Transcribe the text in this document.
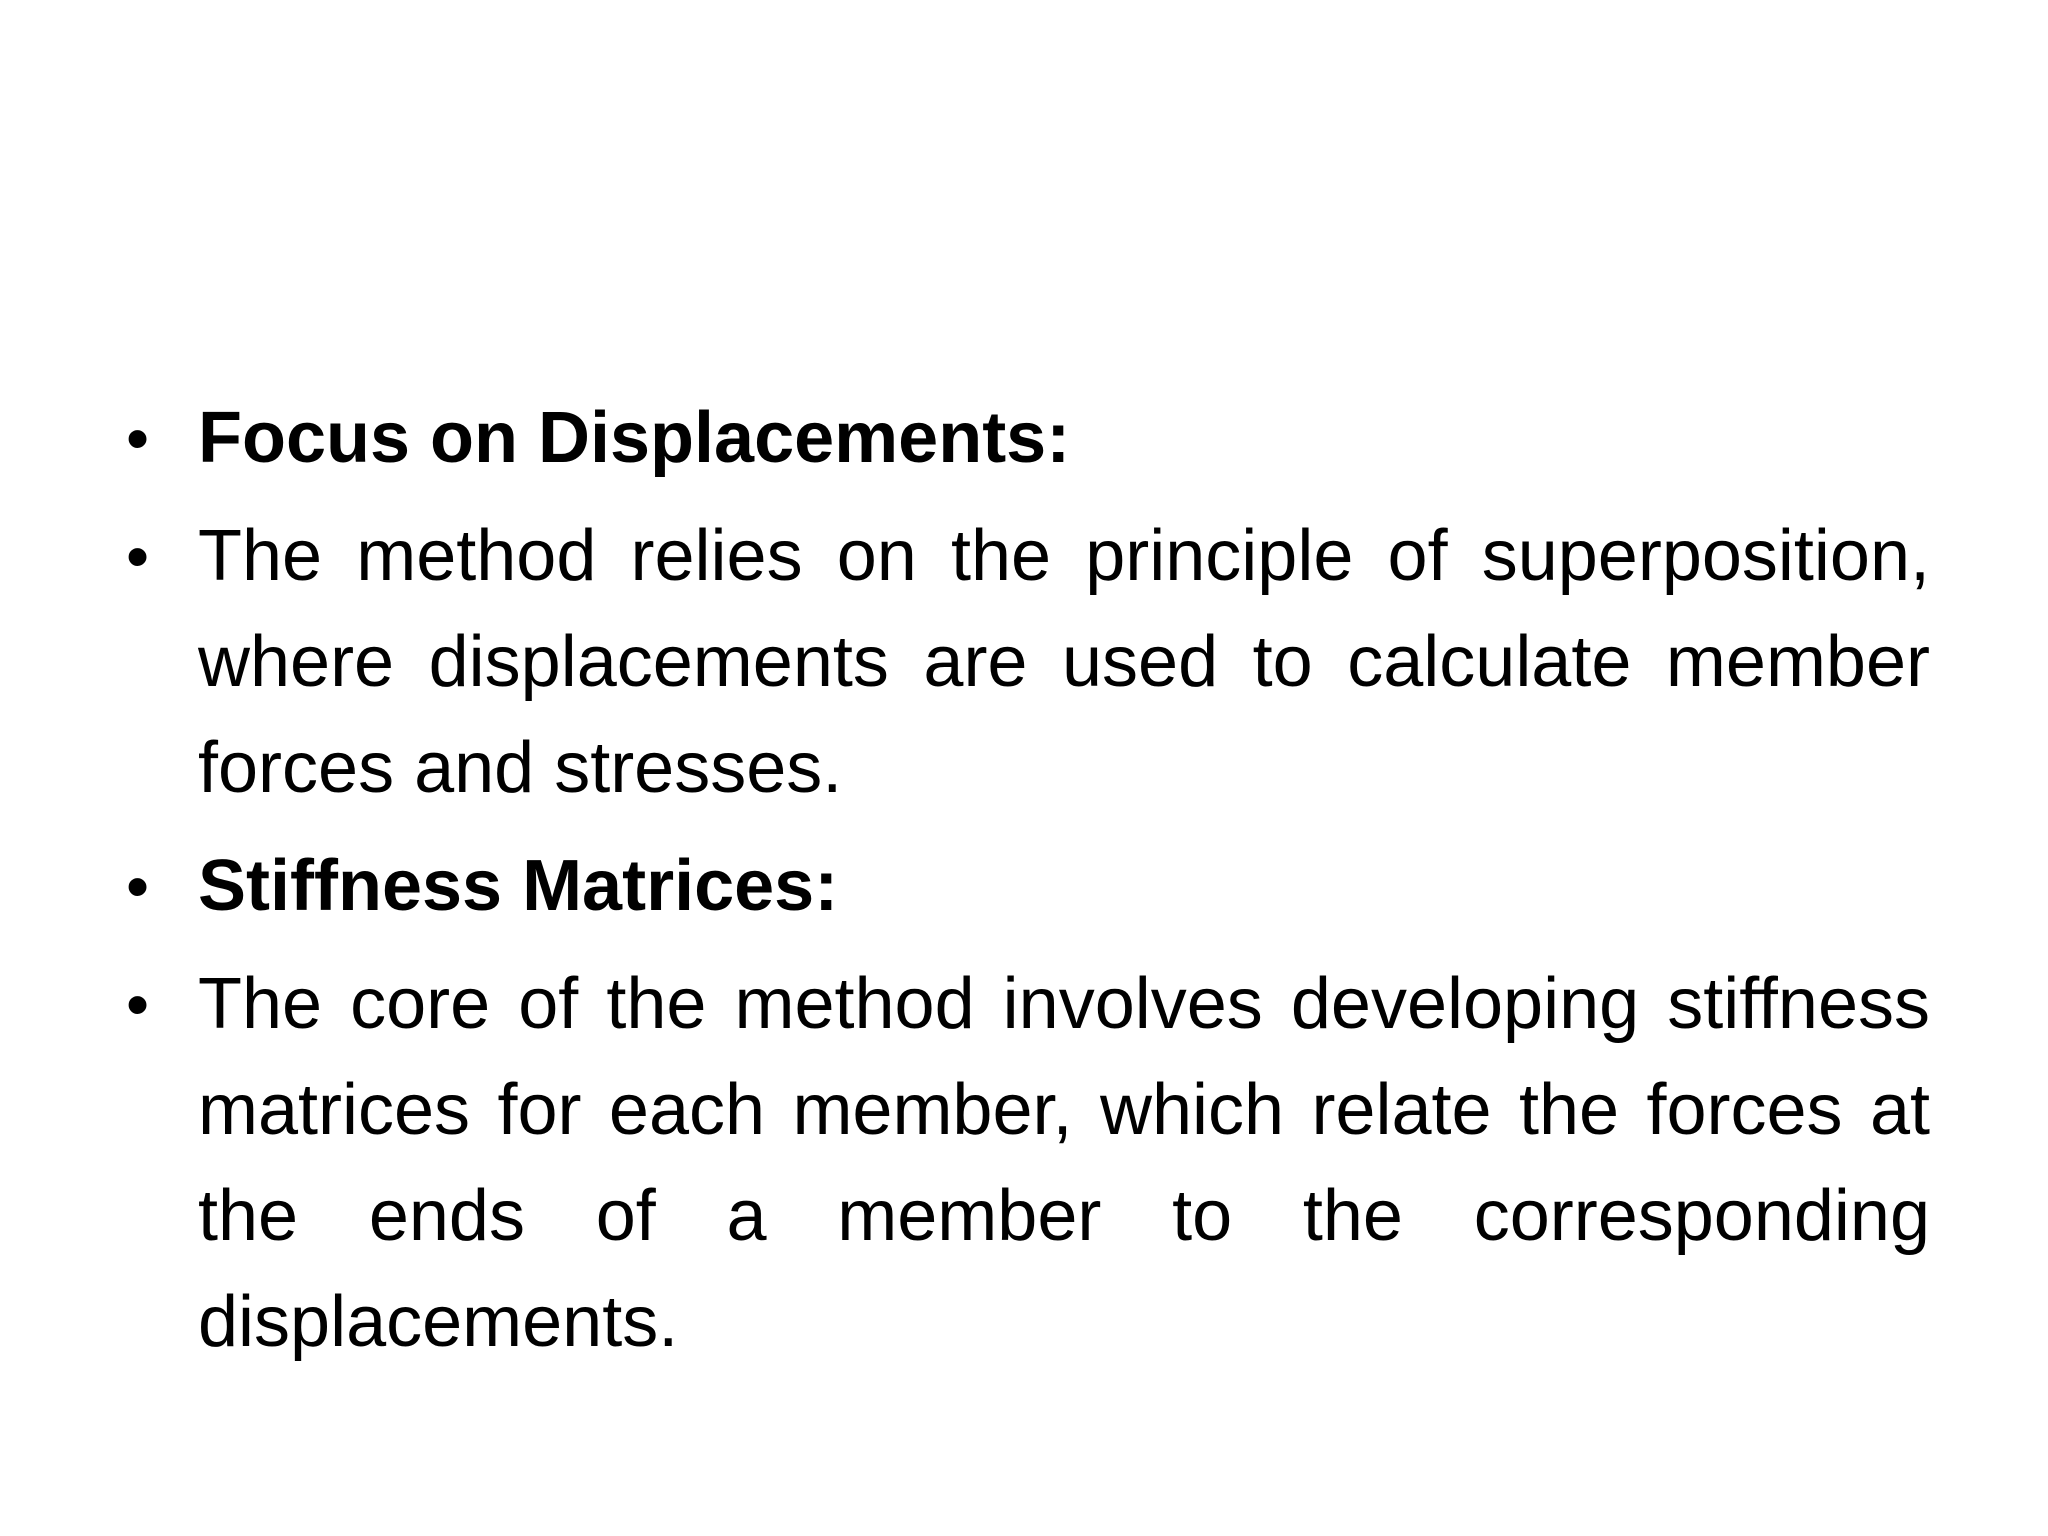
• Focus on Displacements:
• The method relies on the principle of superposition, where displacements are used to calculate member forces and stresses.
• Stiffness Matrices:
• The core of the method involves developing stiffness matrices for each member, which relate the forces at the ends of a member to the corresponding displacements.
